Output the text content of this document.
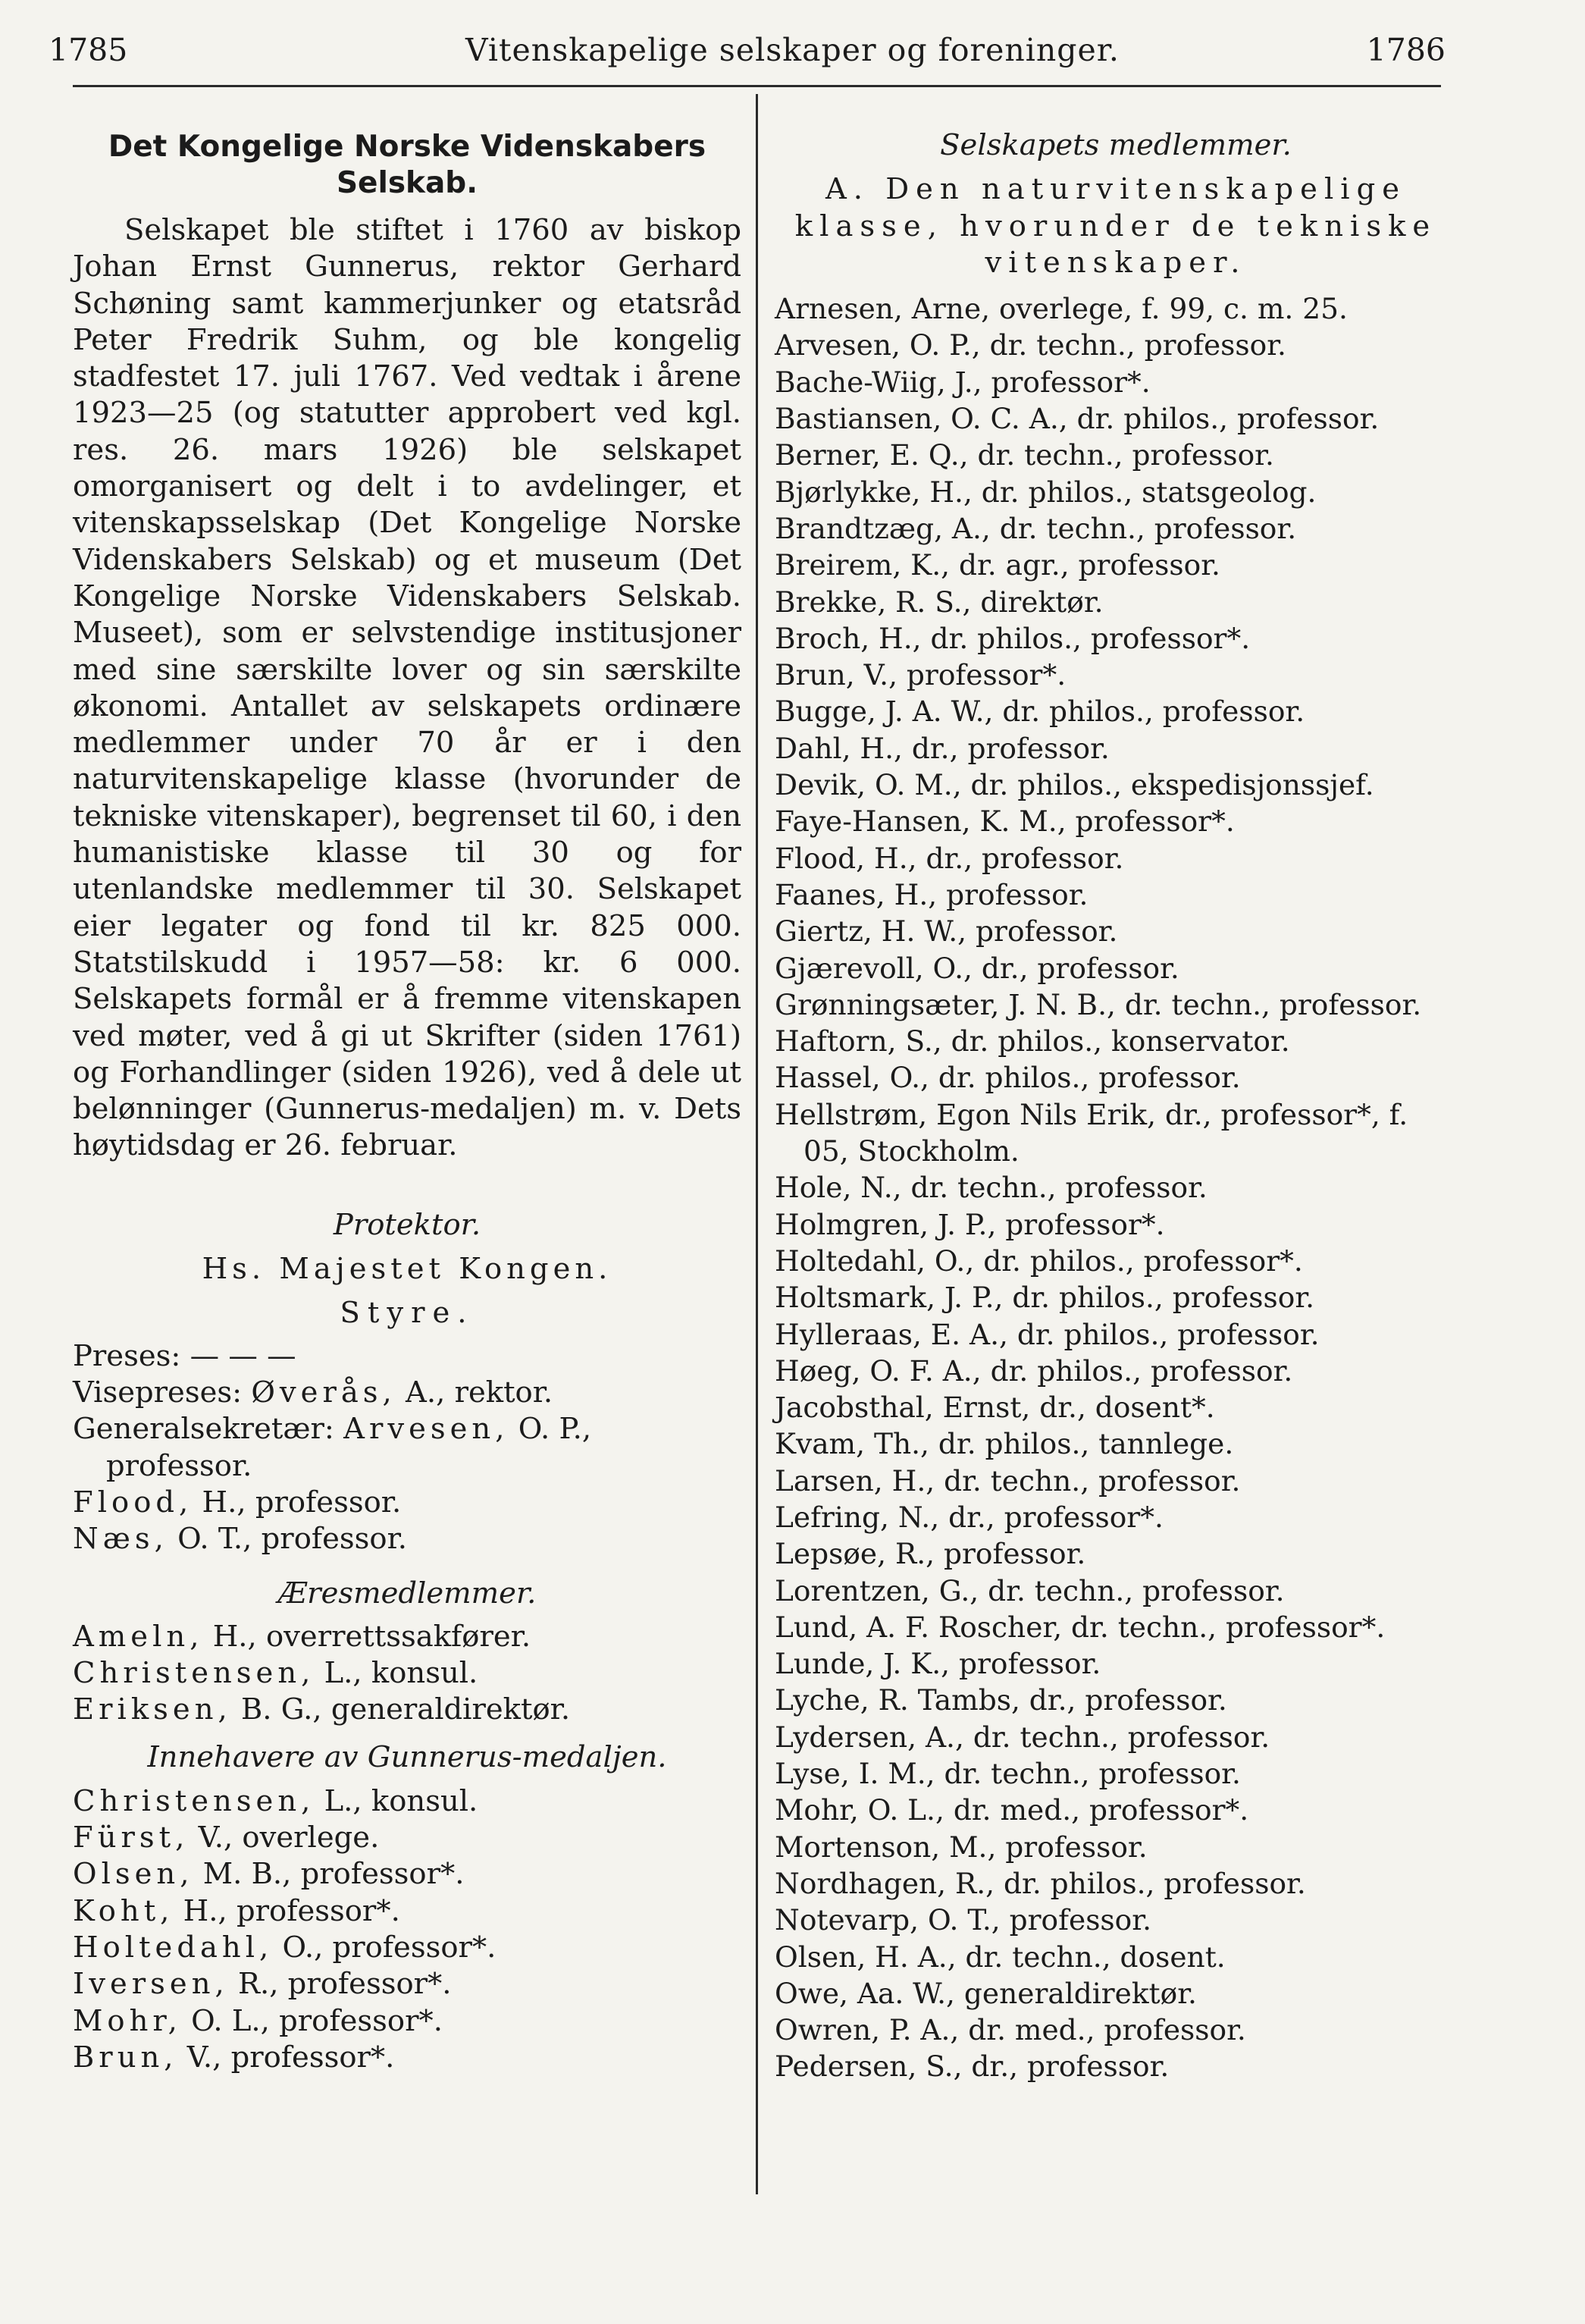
1785	Vitenskapelige selskaper og foreninger.	1786
Det Kongelige Norske Videnskabers
Selskab.
Selskapet ble stiftet i 1760 av biskop Johan Ernst Gunnerus, rektor Gerhard Schøning samt kammerjunker og etatsråd Peter Fredrik Suhm, og ble kongelig stadfestet 17. juli 1767. Ved vedtak i årene 1923—25 (og statutter approbert ved kgl. res. 26. mars 1926) ble selskapet omorganisert og delt i to avdelinger, et vitenskapsselskap (Det Kongelige Norske Videnskabers Selskab) og et museum (Det Kongelige Norske Videnskabers Selskab. Museet), som er selvstendige institusjoner med sine særskilte lover og sin særskilte økonomi. Antallet av selskapets ordinære medlemmer under 70 år er i den naturvitenskapelige klasse (hvorunder de tekniske vitenskaper), begrenset til 60, i den humanistiske klasse til 30 og for utenlandske medlemmer til 30. Selskapet eier legater og fond til kr. 825 000. Statstilskudd i 1957—58: kr. 6 000. Selskapets formål er å fremme vitenskapen ved møter, ved å gi ut Skrifter (siden 1761) og Forhandlinger (siden 1926), ved å dele ut belønninger (Gunnerus-medaljen) m. v. Dets høytidsdag er 26. februar.
Protektor.
Hs. Majestet Kongen.
Styre.
Preses: — — —
Visepreses: Øverås, A., rektor.
Generalsekretær: Arvesen, O. P., professor.
Flood, H., professor.
Næs, O. T., professor.
Æresmedlemmer.
Ameln, H., overrettssakfører.
Christensen, L., konsul.
Eriksen, B. G., generaldirektør.
Innehavere av Gunnerus-medaljen.
Christensen, L., konsul.
Fürst, V., overlege.
Olsen, M. B., professor*.
Koht, H., professor*.
Holtedahl, O., professor*.
Iversen, R., professor*.
Mohr, O. L., professor*.
Brun, V., professor*.
Selskapets medlemmer.
A. Den naturvitenskapelige klasse, hvorunder de tekniske vitenskaper.
Arnesen, Arne, overlege, f. 99, c. m. 25.
Arvesen, O. P., dr. techn., professor.
Bache-Wiig, J., professor*.
Bastiansen, O. C. A., dr. philos., professor.
Berner, E. Q., dr. techn., professor.
Bjørlykke, H., dr. philos., statsgeolog.
Brandtzæg, A., dr. techn., professor.
Breirem, K., dr. agr., professor.
Brekke, R. S., direktør.
Broch, H., dr. philos., professor*.
Brun, V., professor*.
Bugge, J. A. W., dr. philos., professor.
Dahl, H., dr., professor.
Devik, O. M., dr. philos., ekspedisjonssjef.
Faye-Hansen, K. M., professor*.
Flood, H., dr., professor.
Faanes, H., professor.
Giertz, H. W., professor.
Gjærevoll, O., dr., professor.
Grønningsæter, J. N. B., dr. techn., professor.
Haftorn, S., dr. philos., konservator.
Hassel, O., dr. philos., professor.
Hellstrøm, Egon Nils Erik, dr., professor*, f. 05, Stockholm.
Hole, N., dr. techn., professor.
Holmgren, J. P., professor*.
Holtedahl, O., dr. philos., professor*.
Holtsmark, J. P., dr. philos., professor.
Hylleraas, E. A., dr. philos., professor.
Høeg, O. F. A., dr. philos., professor.
Jacobsthal, Ernst, dr., dosent*.
Kvam, Th., dr. philos., tannlege.
Larsen, H., dr. techn., professor.
Lefring, N., dr., professor*.
Lepsøe, R., professor.
Lorentzen, G., dr. techn., professor.
Lund, A. F. Roscher, dr. techn., professor*.
Lunde, J. K., professor.
Lyche, R. Tambs, dr., professor.
Lydersen, A., dr. techn., professor.
Lyse, I. M., dr. techn., professor.
Mohr, O. L., dr. med., professor*.
Mortenson, M., professor.
Nordhagen, R., dr. philos., professor.
Notevarp, O. T., professor.
Olsen, H. A., dr. techn., dosent.
Owe, Aa. W., generaldirektør.
Owren, P. A., dr. med., professor.
Pedersen, S., dr., professor.
